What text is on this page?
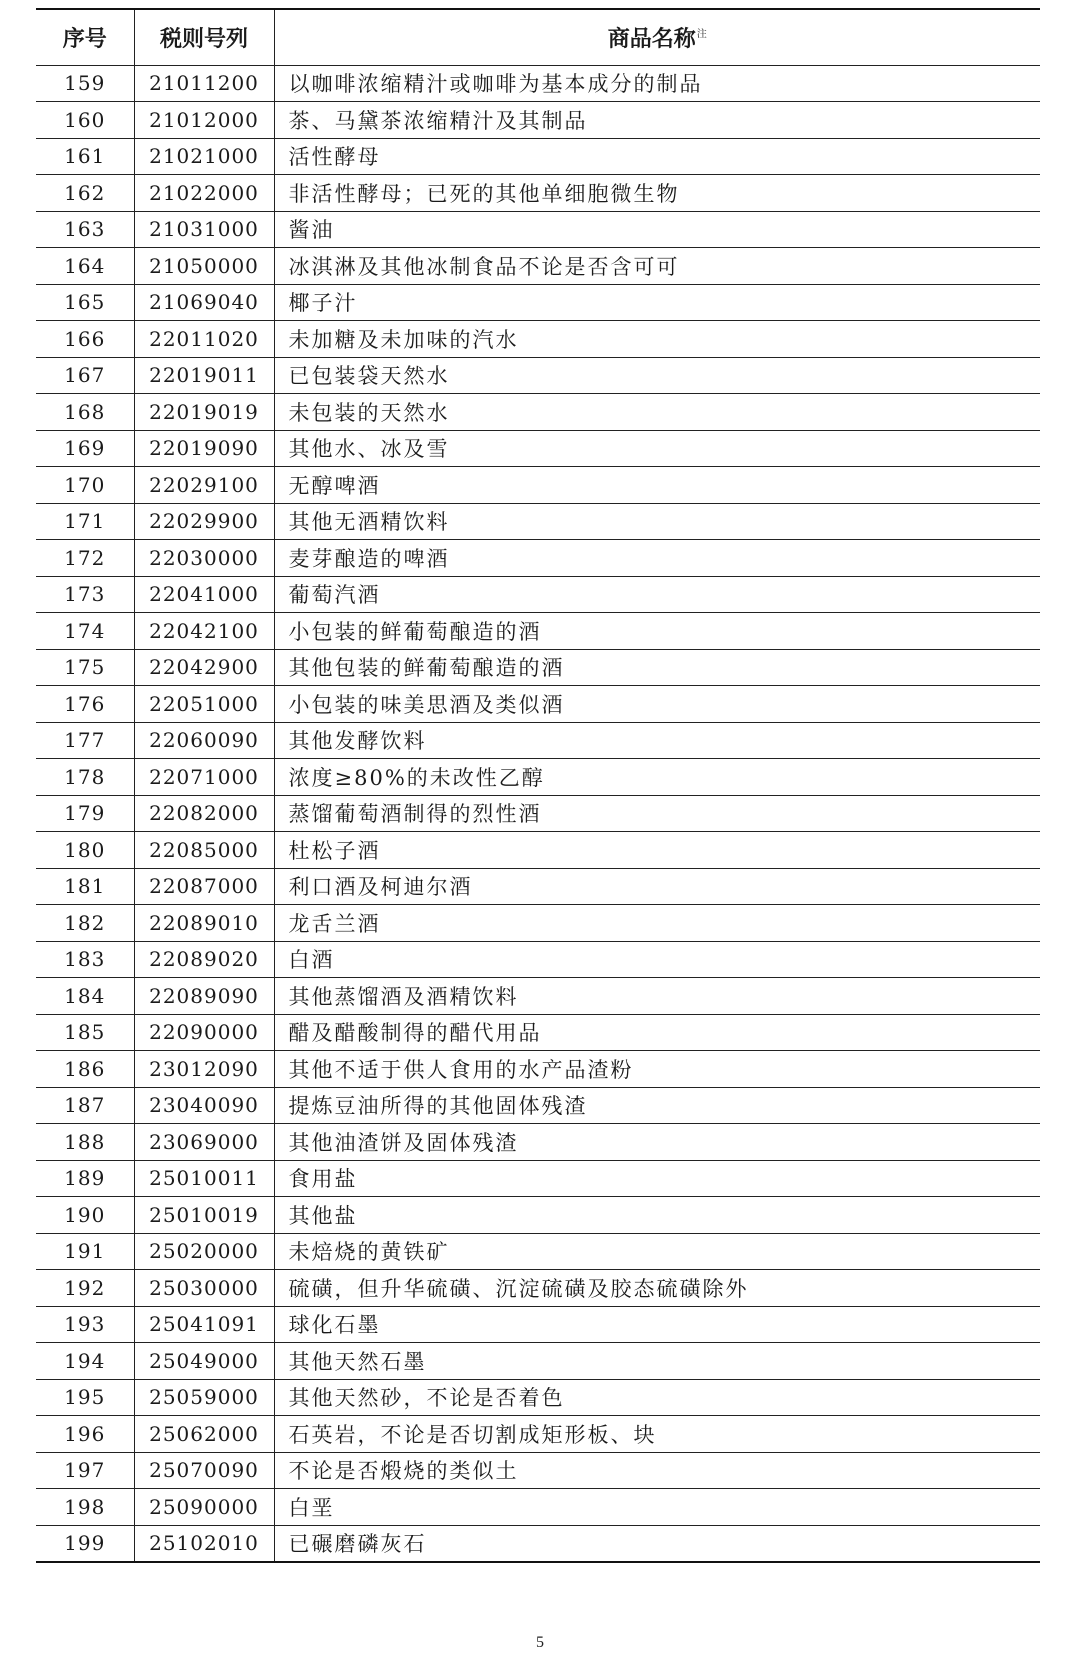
序号	税则号列	商品名称$^注$
159	21011200	以咖啡浓缩精汁或咖啡为基本成分的制品
160	21012000	茶、马黛茶浓缩精汁及其制品
161	21021000	活性酵母
162	21022000	非活性酵母；已死的其他单细胞微生物
163	21031000	酱油
164	21050000	冰淇淋及其他冰制食品不论是否含可可
165	21069040	椰子汁
166	22011020	未加糖及未加味的汽水
167	22019011	已包装袋天然水
168	22019019	未包装的天然水
169	22019090	其他水、冰及雪
170	22029100	无醇啤酒
171	22029900	其他无酒精饮料
172	22030000	麦芽酿造的啤酒
173	22041000	葡萄汽酒
174	22042100	小包装的鲜葡萄酿造的酒
175	22042900	其他包装的鲜葡萄酿造的酒
176	22051000	小包装的味美思酒及类似酒
177	22060090	其他发酵饮料
178	22071000	浓度≥80%的未改性乙醇
179	22082000	蒸馏葡萄酒制得的烈性酒
180	22085000	杜松子酒
181	22087000	利口酒及柯迪尔酒
182	22089010	龙舌兰酒
183	22089020	白酒
184	22089090	其他蒸馏酒及酒精饮料
185	22090000	醋及醋酸制得的醋代用品
186	23012090	其他不适于供人食用的水产品渣粉
187	23040090	提炼豆油所得的其他固体残渣
188	23069000	其他油渣饼及固体残渣
189	25010011	食用盐
190	25010019	其他盐
191	25020000	未焙烧的黄铁矿
192	25030000	硫磺，但升华硫磺、沉淀硫磺及胶态硫磺除外
193	25041091	球化石墨
194	25049000	其他天然石墨
195	25059000	其他天然砂，不论是否着色
196	25062000	石英岩，不论是否切割成矩形板、块
197	25070090	不论是否煅烧的类似土
198	25090000	白垩
199	25102010	已碾磨磷灰石
5
